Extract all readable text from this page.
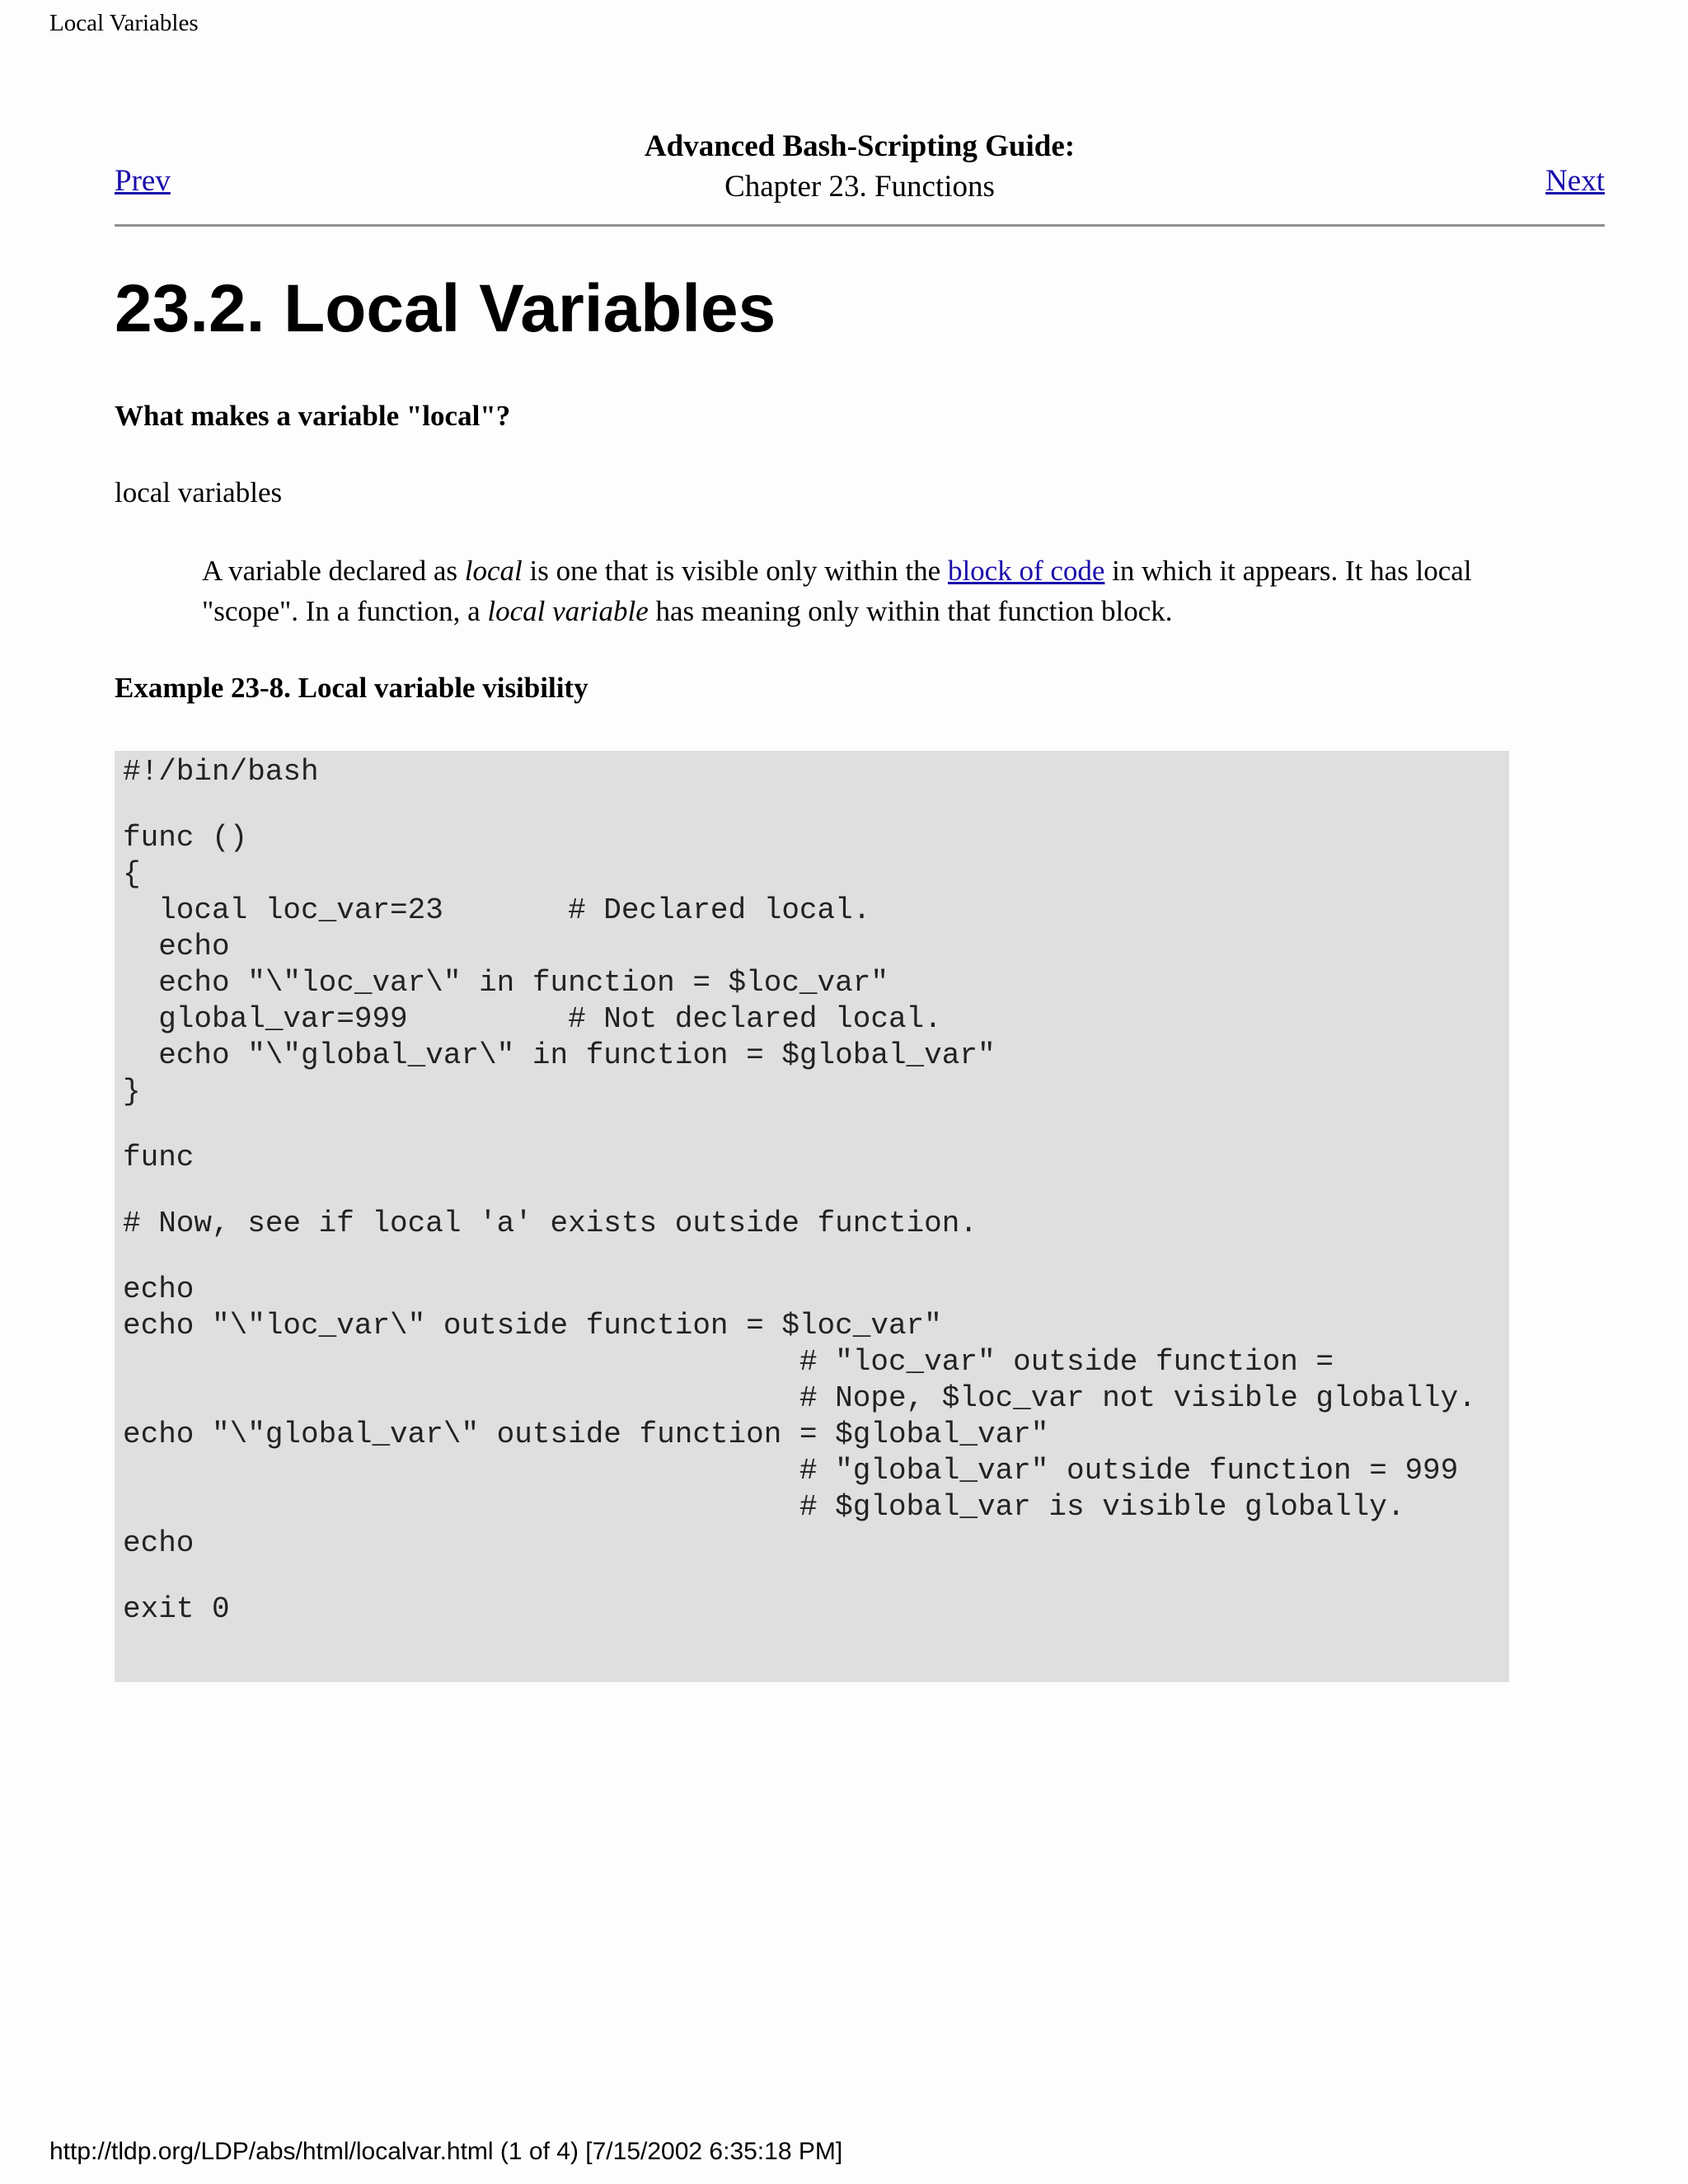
Local Variables
Advanced Bash-Scripting Guide:
Chapter 23. Functions
Prev	Next
23.2. Local Variables
What makes a variable "local"?
local variables
A variable declared as local is one that is visible only within the block of code in which it appears. It has local "scope". In a function, a local variable has meaning only within that function block.
Example 23-8. Local variable visibility
#!/bin/bash
func ()
{
local loc_var=23       # Declared local.
echo
echo "\"loc_var\" in function = $loc_var"
global_var=999         # Not declared local.
echo "\"global_var\" in function = $global_var"
}
func
# Now, see if local 'a' exists outside function.
echo
echo "\"loc_var\" outside function = $loc_var"
# "loc_var" outside function =
# Nope, $loc_var not visible globally.
echo "\"global_var\" outside function = $global_var"
# "global_var" outside function = 999
# $global_var is visible globally.
echo
exit 0
http://tldp.org/LDP/abs/html/localvar.html (1 of 4) [7/15/2002 6:35:18 PM]
